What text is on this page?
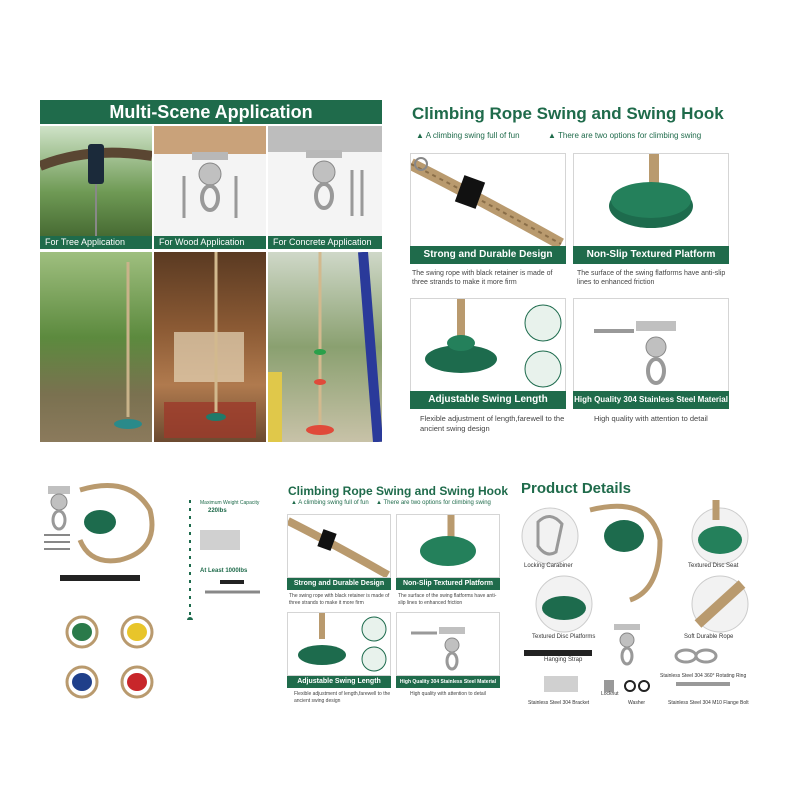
Multi-Scene Application
For Tree Application	For Wood Application	For Concrete Application
Climbing Rope Swing and Swing Hook
▲ A climbing swing full of fun	▲ There are two options for climbing swing
Strong and Durable Design
The swing rope with black retainer is made of three strands to make it more firm
Non-Slip Textured Platform
The surface of the swing flatforms have anti-slip lines to enhanced friction
Adjustable Swing Length
Flexible adjustment of length,farewell to the ancient swing design
High Quality 304 Stainless Steel Material
High quality with attention to detail
Maximum Weight Capacity
220lbs
At Least 1000lbs
Climbing Rope Swing and Swing Hook
▲ A climbing swing full of fun ▲ There are two options for climbing swing
Strong and Durable Design
The swing rope with black retainer is made of three strands to make it more firm
Non-Slip Textured Platform
The surface of the swing flatforms have anti-slip lines to enhanced friction
Adjustable Swing Length
Flexible adjustment of length,farewell to the ancient swing design
High Quality 304 Stainless Steel Material
High quality with attention to detail
Product Details
Locking Carabiner	Textured Disc Seat
Textured Disc Platforms	Soft Durable Rope
Hanging Strap
Stainless Steel 304 360° Rotating Ring
Stainless Steel 304 Bracket
Locknut
Washer	Stainless Steel 304 M10 Flange Bolt
